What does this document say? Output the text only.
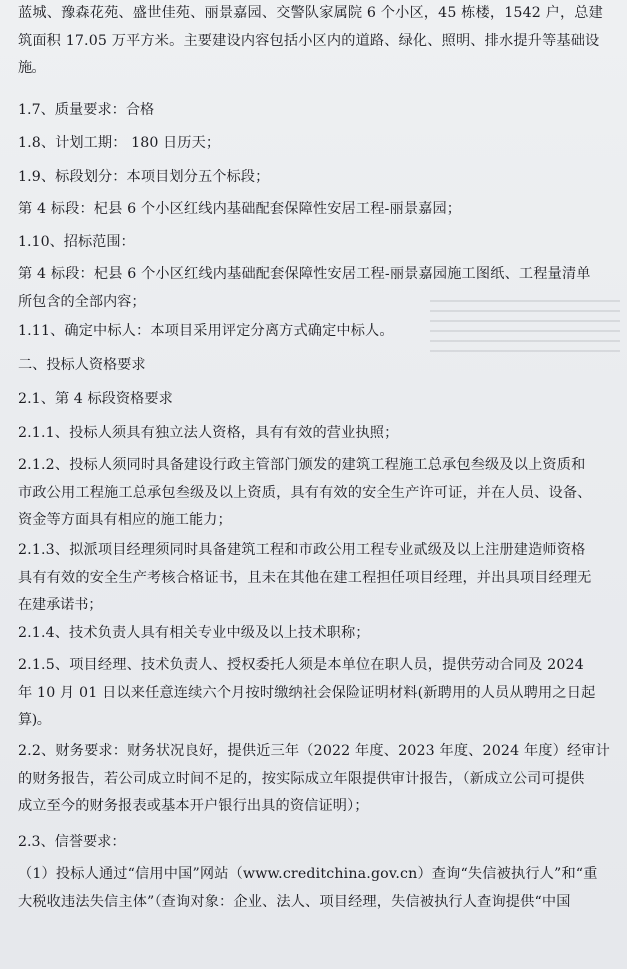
蓝城、豫森花苑、盛世佳苑、丽景嘉园、交警队家属院 6 个小区，45 栋楼，1542 户，总建
筑面积 17.05 万平方米。主要建设内容包括小区内的道路、绿化、照明、排水提升等基础设
施。
1.7、质量要求：合格
1.8、计划工期： 180 日历天；
1.9、标段划分：本项目划分五个标段；
第 4 标段：杞县 6 个小区红线内基础配套保障性安居工程-丽景嘉园；
1.10、招标范围：
第 4 标段：杞县 6 个小区红线内基础配套保障性安居工程-丽景嘉园施工图纸、工程量清单
所包含的全部内容；
1.11、确定中标人：本项目采用评定分离方式确定中标人。
二、投标人资格要求
2.1、第 4 标段资格要求
2.1.1、投标人须具有独立法人资格，具有有效的营业执照；
2.1.2、投标人须同时具备建设行政主管部门颁发的建筑工程施工总承包叁级及以上资质和
市政公用工程施工总承包叁级及以上资质，具有有效的安全生产许可证，并在人员、设备、
资金等方面具有相应的施工能力；
2.1.3、拟派项目经理须同时具备建筑工程和市政公用工程专业贰级及以上注册建造师资格
具有有效的安全生产考核合格证书，且未在其他在建工程担任项目经理，并出具项目经理无
在建承诺书；
2.1.4、技术负责人具有相关专业中级及以上技术职称；
2.1.5、项目经理、技术负责人、授权委托人须是本单位在职人员，提供劳动合同及 2024
年 10 月 01 日以来任意连续六个月按时缴纳社会保险证明材料(新聘用的人员从聘用之日起
算)。
2.2、财务要求：财务状况良好，提供近三年（2022 年度、2023 年度、2024 年度）经审计
的财务报告，若公司成立时间不足的，按实际成立年限提供审计报告，（新成立公司可提供
成立至今的财务报表或基本开户银行出具的资信证明）；
2.3、信誉要求：
（1）投标人通过“信用中国”网站（www.creditchina.gov.cn）查询“失信被执行人”和“重
大税收违法失信主体”（查询对象：企业、法人、项目经理，失信被执行人查询提供“中国
